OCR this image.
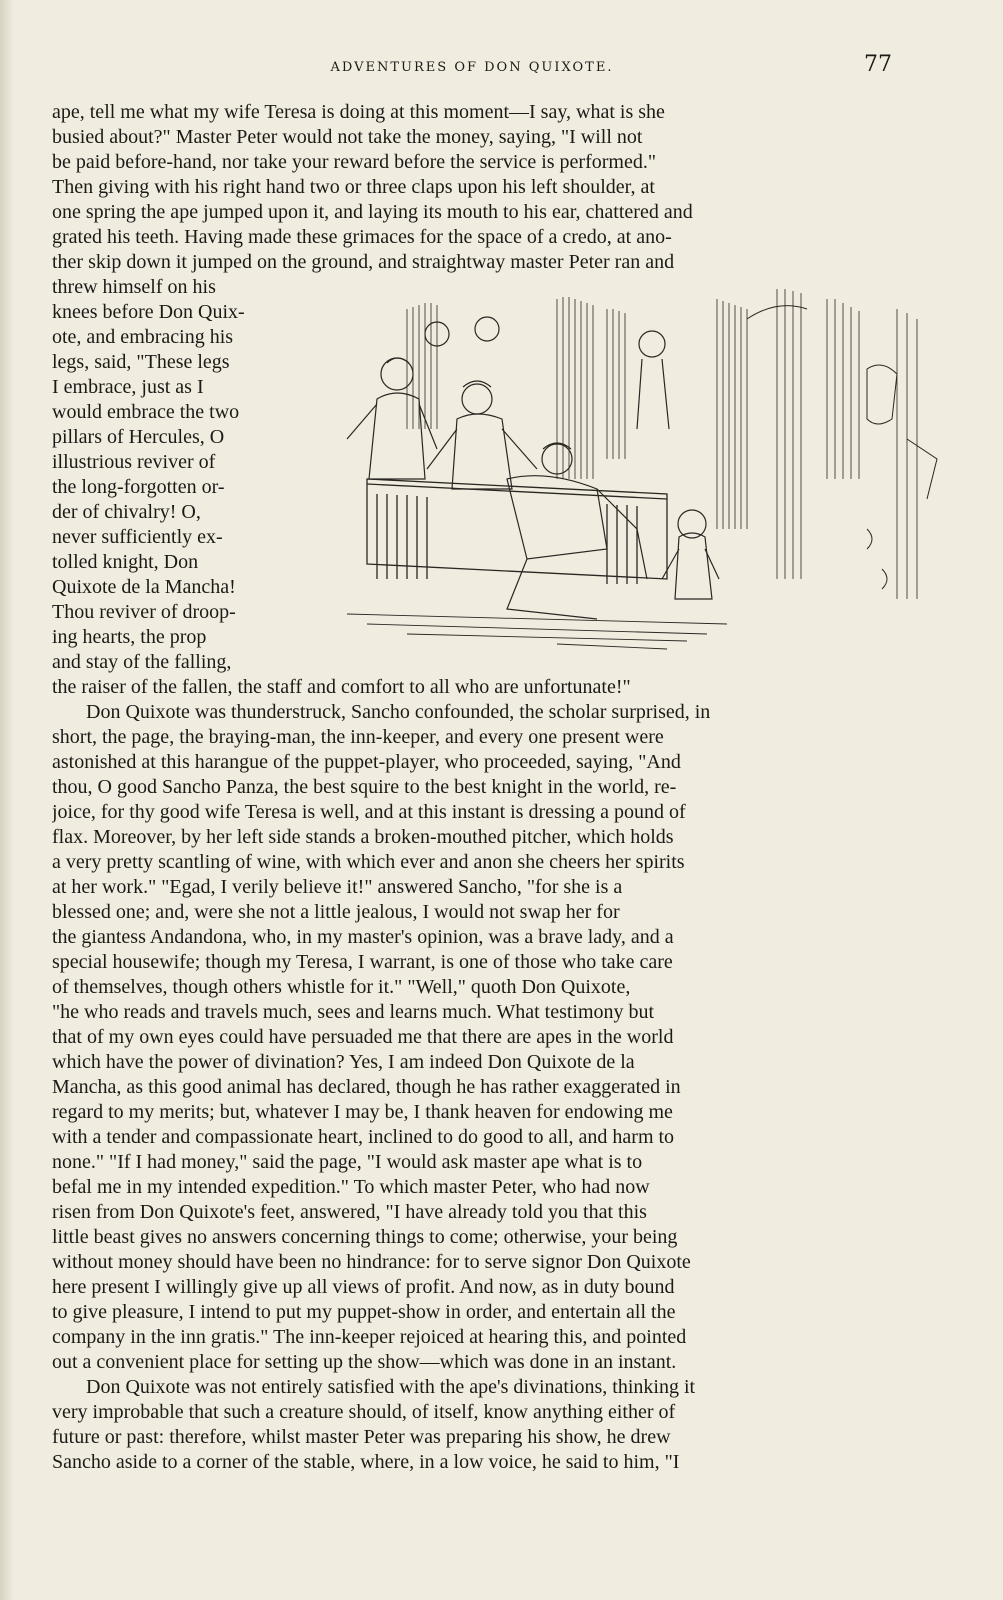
ADVENTURES OF DON QUIXOTE.	77
ape, tell me what my wife Teresa is doing at this moment—I say, what is she
busied about?" Master Peter would not take the money, saying, "I will not
be paid before-hand, nor take your reward before the service is performed."
Then giving with his right hand two or three claps upon his left shoulder, at
one spring the ape jumped upon it, and laying its mouth to his ear, chattered and
grated his teeth. Having made these grimaces for the space of a credo, at ano-
ther skip down it jumped on the ground, and straightway master Peter ran and
threw himself on his
knees before Don Quix-
ote, and embracing his
legs, said, "These legs
I embrace, just as I
would embrace the two
pillars of Hercules, O
illustrious reviver of
the long-forgotten or-
der of chivalry! O,
never sufficiently ex-
tolled knight, Don
Quixote de la Mancha!
Thou reviver of droop-
ing hearts, the prop
and stay of the falling,
the raiser of the fallen, the staff and comfort to all who are unfortunate!"
Don Quixote was thunderstruck, Sancho confounded, the scholar surprised, in
short, the page, the braying-man, the inn-keeper, and every one present were
astonished at this harangue of the puppet-player, who proceeded, saying, "And
thou, O good Sancho Panza, the best squire to the best knight in the world, re-
joice, for thy good wife Teresa is well, and at this instant is dressing a pound of
flax. Moreover, by her left side stands a broken-mouthed pitcher, which holds
a very pretty scantling of wine, with which ever and anon she cheers her spirits
at her work." "Egad, I verily believe it!" answered Sancho, "for she is a
blessed one; and, were she not a little jealous, I would not swap her for
the giantess Andandona, who, in my master's opinion, was a brave lady, and a
special housewife; though my Teresa, I warrant, is one of those who take care
of themselves, though others whistle for it." "Well," quoth Don Quixote,
"he who reads and travels much, sees and learns much. What testimony but
that of my own eyes could have persuaded me that there are apes in the world
which have the power of divination? Yes, I am indeed Don Quixote de la
Mancha, as this good animal has declared, though he has rather exaggerated in
regard to my merits; but, whatever I may be, I thank heaven for endowing me
with a tender and compassionate heart, inclined to do good to all, and harm to
none." "If I had money," said the page, "I would ask master ape what is to
befal me in my intended expedition." To which master Peter, who had now
risen from Don Quixote's feet, answered, "I have already told you that this
little beast gives no answers concerning things to come; otherwise, your being
without money should have been no hindrance: for to serve signor Don Quixote
here present I willingly give up all views of profit. And now, as in duty bound
to give pleasure, I intend to put my puppet-show in order, and entertain all the
company in the inn gratis." The inn-keeper rejoiced at hearing this, and pointed
out a convenient place for setting up the show—which was done in an instant.
Don Quixote was not entirely satisfied with the ape's divinations, thinking it
very improbable that such a creature should, of itself, know anything either of
future or past: therefore, whilst master Peter was preparing his show, he drew
Sancho aside to a corner of the stable, where, in a low voice, he said to him, "I
